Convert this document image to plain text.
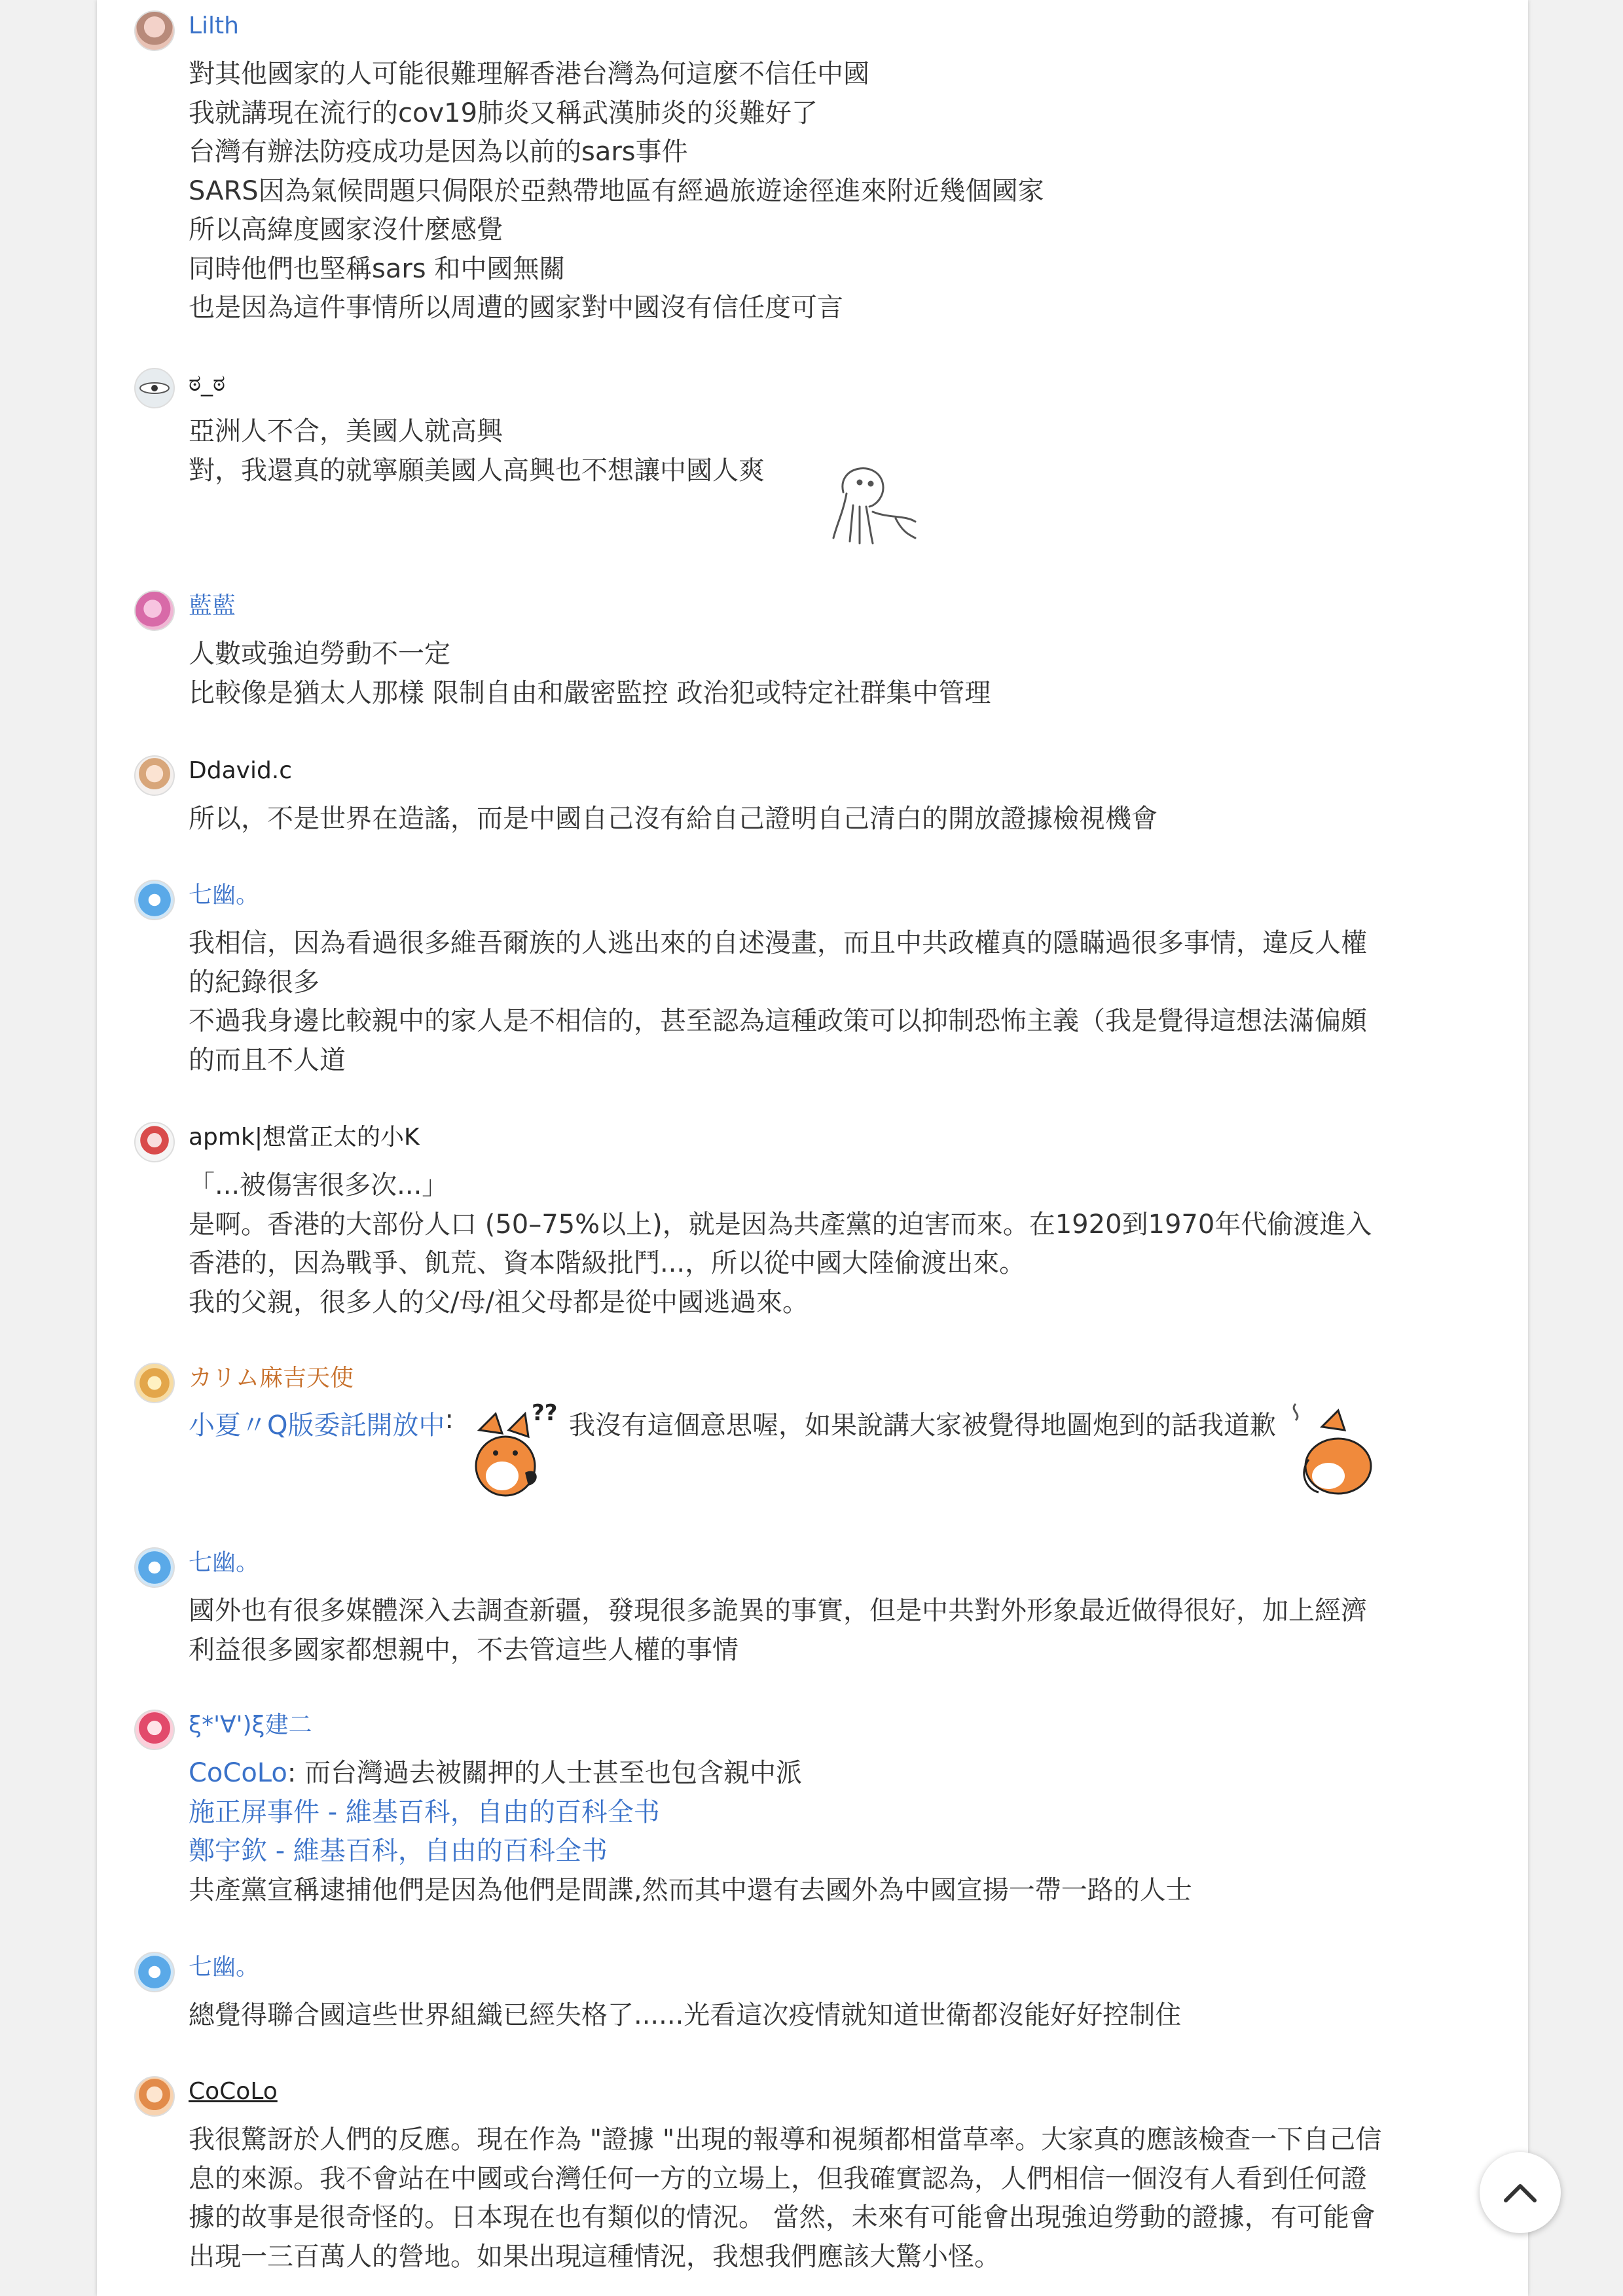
Lilth
對其他國家的人可能很難理解香港台灣為何這麼不信任中國
我就講現在流行的cov19肺炎又稱武漢肺炎的災難好了
台灣有辦法防疫成功是因為以前的sars事件
SARS因為氣候問題只侷限於亞熱帶地區有經過旅遊途徑進來附近幾個國家
所以高緯度國家沒什麼感覺
同時他們也堅稱sars 和中國無關
也是因為這件事情所以周遭的國家對中國沒有信任度可言
ಠ_ಠ
亞洲人不合，美國人就高興
對，我還真的就寧願美國人高興也不想讓中國人爽
藍藍
人數或強迫勞動不一定
比較像是猶太人那樣 限制自由和嚴密監控 政治犯或特定社群集中管理
Ddavid.c
所以，不是世界在造謠，而是中國自己沒有給自己證明自己清白的開放證據檢視機會
七幽。
我相信，因為看過很多維吾爾族的人逃出來的自述漫畫，而且中共政權真的隱瞞過很多事情，違反人權
的紀錄很多
不過我身邊比較親中的家人是不相信的，甚至認為這種政策可以抑制恐怖主義（我是覺得這想法滿偏頗
的而且不人道
apmk|想當正太的小K
「...被傷害很多次...」
是啊。香港的大部份人口 (50–75%以上)，就是因為共產黨的迫害而來。在1920到1970年代偷渡進入
香港的，因為戰爭、飢荒、資本階級批鬥...，所以從中國大陸偷渡出來。
我的父親，很多人的父/母/祖父母都是從中國逃過來。
カリム麻吉天使
小夏〃Q版委託開放中 :	?? 我沒有這個意思喔，如果說講大家被覺得地圖炮到的話我道歉
七幽。
國外也有很多媒體深入去調查新疆，發現很多詭異的事實，但是中共對外形象最近做得很好，加上經濟
利益很多國家都想親中，不去管這些人權的事情
ξ*'∀')ξ建二
CoCoLo: 而台灣過去被關押的人士甚至也包含親中派
施正屏事件 - 維基百科，自由的百科全书
鄭宇欽 - 維基百科，自由的百科全书
共產黨宣稱逮捕他們是因為他們是間諜,然而其中還有去國外為中國宣揚一帶一路的人士
七幽。
總覺得聯合國這些世界組織已經失格了......光看這次疫情就知道世衛都沒能好好控制住
CoCoLo
我很驚訝於人們的反應。現在作為 "證據 "出現的報導和視頻都相當草率。大家真的應該檢查一下自己信
息的來源。我不會站在中國或台灣任何一方的立場上，但我確實認為，人們相信一個沒有人看到任何證
據的故事是很奇怪的。日本現在也有類似的情況。 當然，未來有可能會出現強迫勞動的證據，有可能會
出現一三百萬人的營地。如果出現這種情況，我想我們應該大驚小怪。
